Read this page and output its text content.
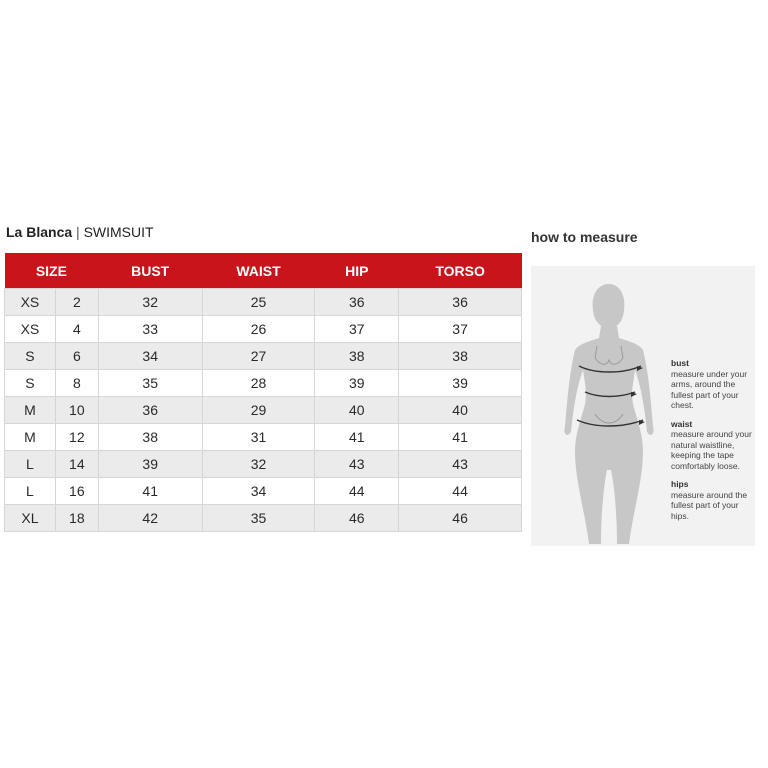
La Blanca | SWIMSUIT
SIZE		BUST	WAIST	HIP	TORSO
XS	2	32	25	36	36
XS	4	33	26	37	37
S	6	34	27	38	38
S	8	35	28	39	39
M	10	36	29	40	40
M	12	38	31	41	41
L	14	39	32	43	43
L	16	41	34	44	44
XL	18	42	35	46	46
how to measure
bust
measure under your arms, around the fullest part of your chest.
waist
measure around your natural waistline, keeping the tape comfortably loose.
hips
measure around the fullest part of your hips.
